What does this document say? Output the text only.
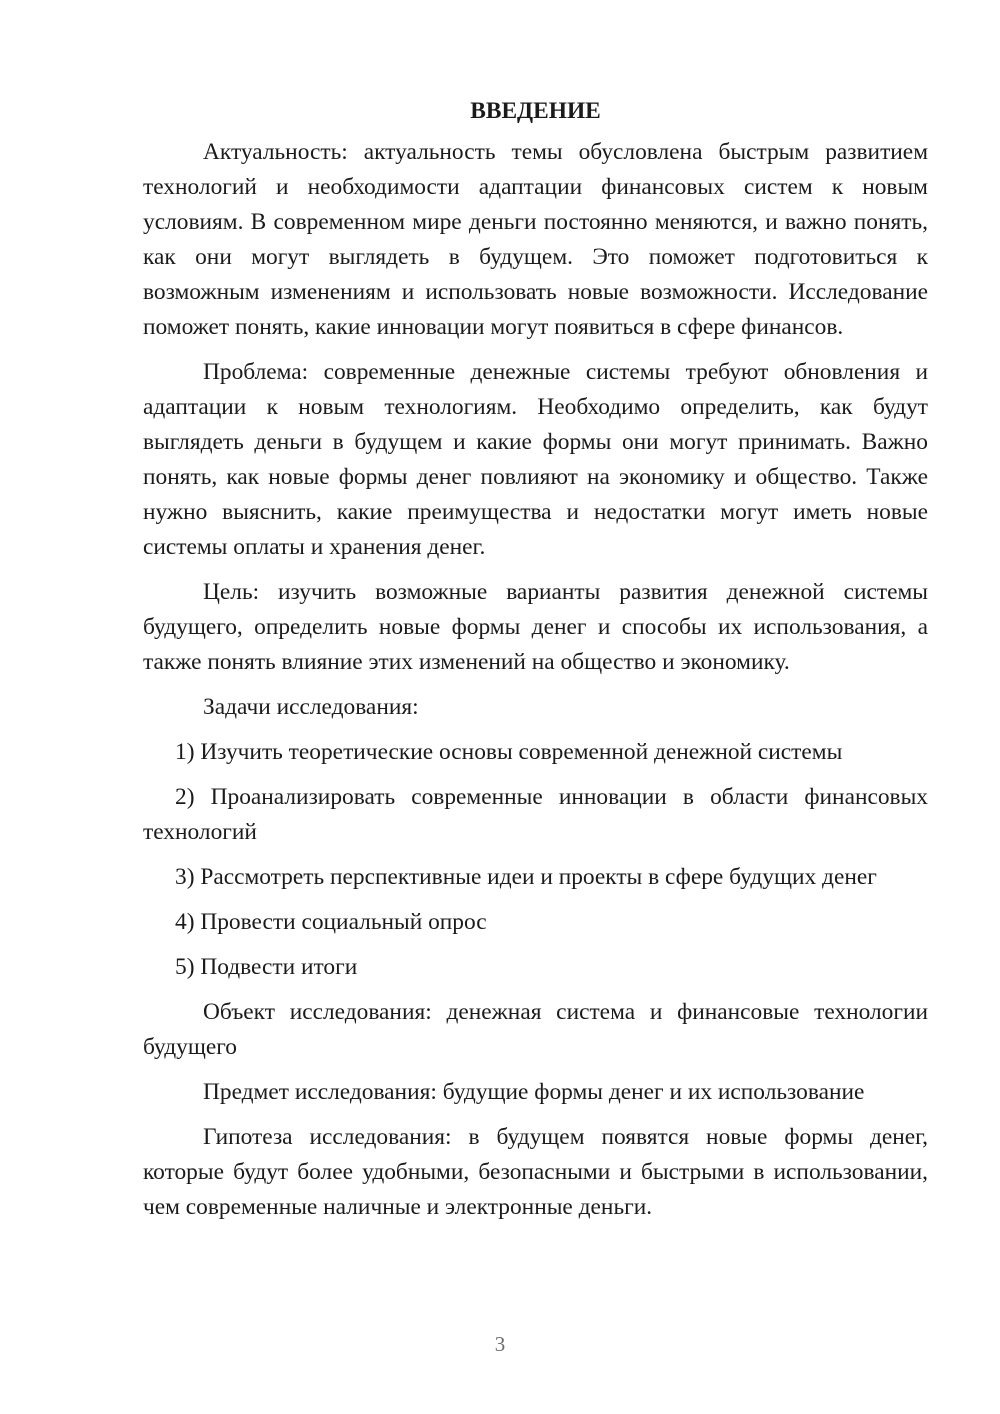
ВВЕДЕНИЕ

Актуальность: актуальность темы обусловлена быстрым развитием технологий и необходимости адаптации финансовых систем к новым условиям. В современном мире деньги постоянно меняются, и важно понять, как они могут выглядеть в будущем. Это поможет подготовиться к возможным изменениям и использовать новые возможности. Исследование поможет понять, какие инновации могут появиться в сфере финансов.

Проблема: современные денежные системы требуют обновления и адаптации к новым технологиям. Необходимо определить, как будут выглядеть деньги в будущем и какие формы они могут принимать. Важно понять, как новые формы денег повлияют на экономику и общество. Также нужно выяснить, какие преимущества и недостатки могут иметь новые системы оплаты и хранения денег.

Цель: изучить возможные варианты развития денежной системы будущего, определить новые формы денег и способы их использования, а также понять влияние этих изменений на общество и экономику.

Задачи исследования:

1) Изучить теоретические основы современной денежной системы

2) Проанализировать современные инновации в области финансовых технологий

3) Рассмотреть перспективные идеи и проекты в сфере будущих денег

4) Провести социальный опрос

5) Подвести итоги

Объект исследования: денежная система и финансовые технологии будущего

Предмет исследования: будущие формы денег и их использование

Гипотеза исследования: в будущем появятся новые формы денег, которые будут более удобными, безопасными и быстрыми в использовании, чем современные наличные и электронные деньги.

3
